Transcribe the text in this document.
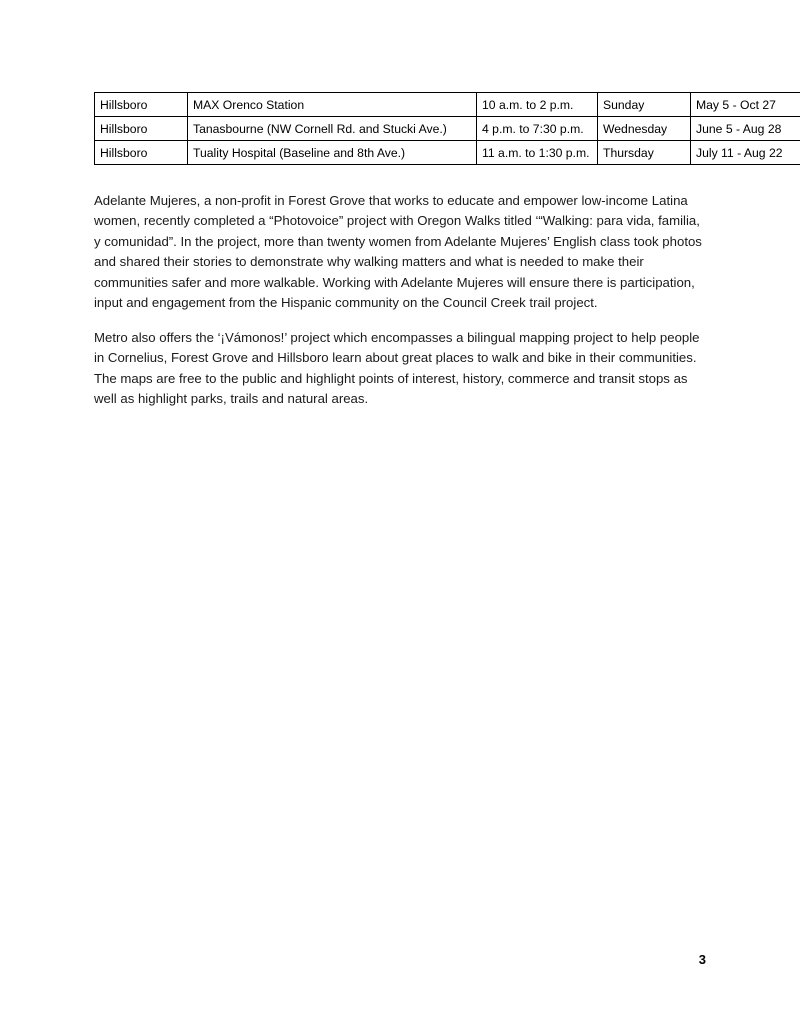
Hillsboro	MAX Orenco Station	10 a.m. to 2 p.m.	Sunday	May 5 - Oct 27
Hillsboro	Tanasbourne (NW Cornell Rd. and Stucki Ave.)	4 p.m. to 7:30 p.m.	Wednesday	June 5 - Aug 28
Hillsboro	Tuality Hospital (Baseline and 8th Ave.)	11 a.m. to 1:30 p.m.	Thursday	July 11 - Aug 22

Adelante Mujeres, a non-profit in Forest Grove that works to educate and empower low-income Latina women, recently completed a “Photovoice” project with Oregon Walks titled ‘“Walking: para vida, familia, y comunidad”. In the project, more than twenty women from Adelante Mujeres’ English class took photos and shared their stories to demonstrate why walking matters and what is needed to make their communities safer and more walkable. Working with Adelante Mujeres will ensure there is participation, input and engagement from the Hispanic community on the Council Creek trail project.

Metro also offers the ‘¡Vámonos!’ project which encompasses a bilingual mapping project to help people in Cornelius, Forest Grove and Hillsboro learn about great places to walk and bike in their communities. The maps are free to the public and highlight points of interest, history, commerce and transit stops as well as highlight parks, trails and natural areas.

3
